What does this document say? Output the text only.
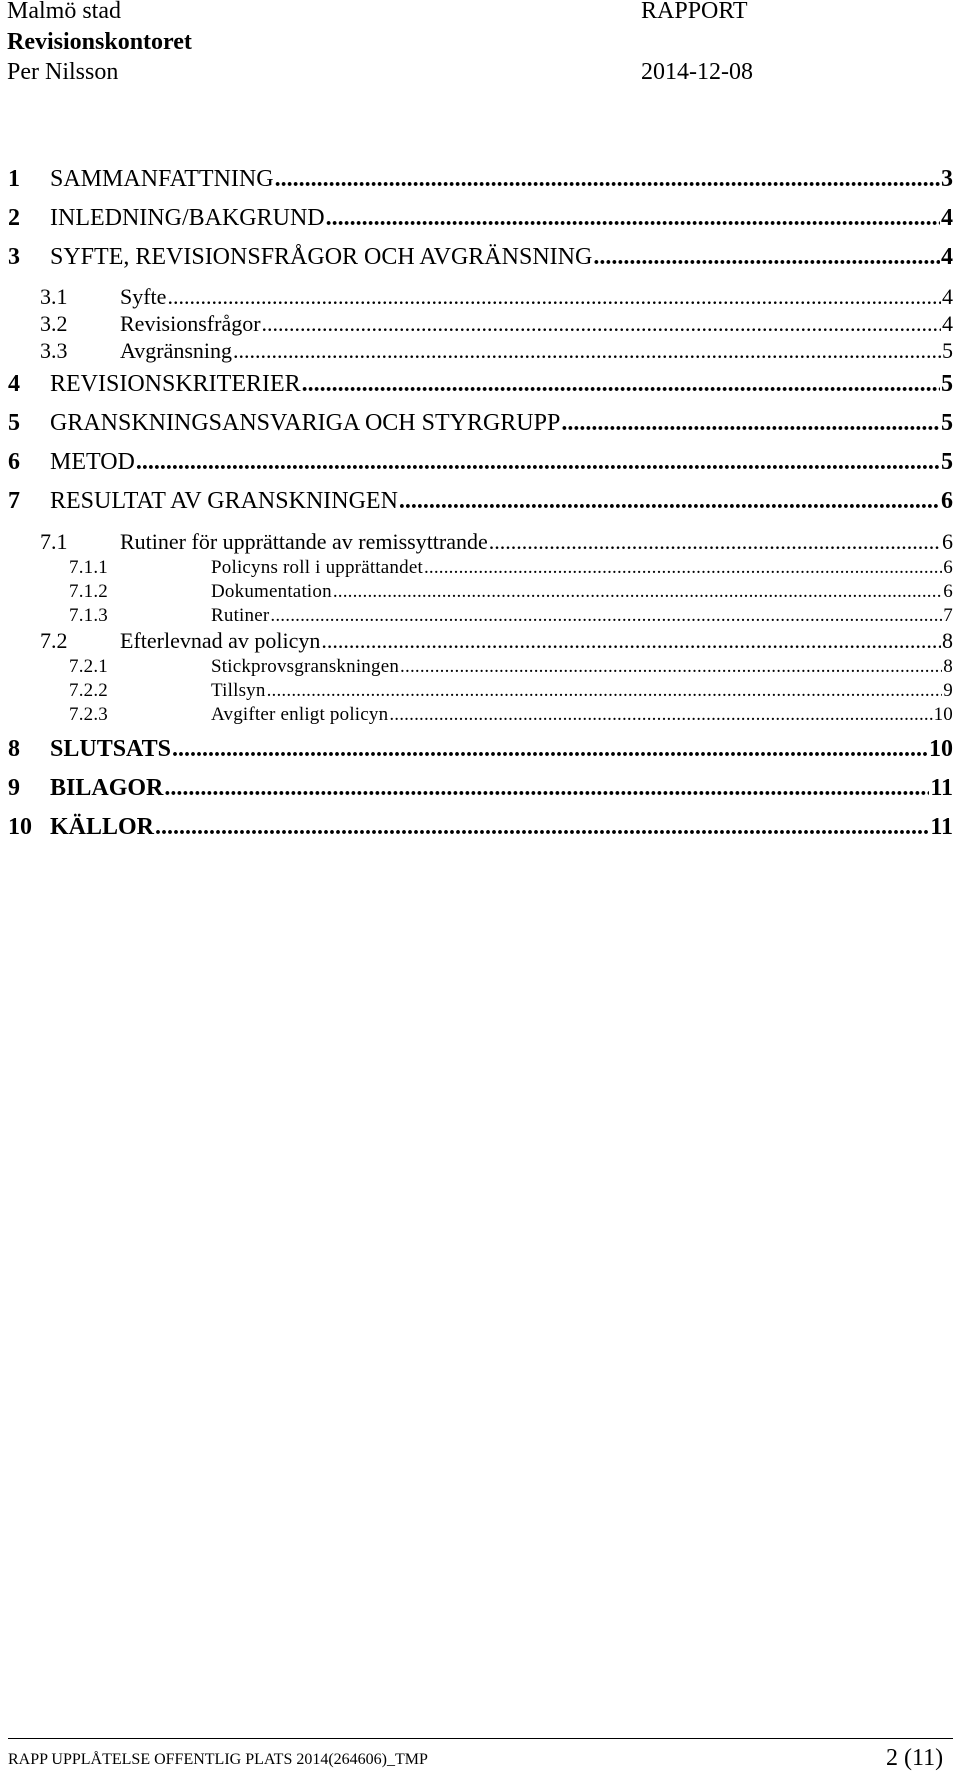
Malmö stad
Revisionskontoret
Per Nilsson
RAPPORT
2014-12-08
1 SAMMANFATTNING .....	3
2 INLEDNING/BAKGRUND .....	4
3 SYFTE, REVISIONSFRÅGOR OCH AVGRÄNSNING .....	4
3.1 Syfte .....	4
3.2 Revisionsfrågor .....	4
3.3 Avgränsning .....	5
4 REVISIONSKRITERIER .....	5
5 GRANSKNINGSANSVARIGA OCH STYRGRUPP .....	5
6 METOD .....	5
7 RESULTAT AV GRANSKNINGEN .....	6
7.1 Rutiner för upprättande av remissyttrande .....	6
7.1.1	Policyns roll i upprättandet .....	6
7.1.2	Dokumentation .....	6
7.1.3	Rutiner .....	7
7.2 Efterlevnad av policyn .....	8
7.2.1	Stickprovsgranskningen .....	8
7.2.2	Tillsyn .....	9
7.2.3	Avgifter enligt policyn .....	10
8 SLUTSATS .....	10
9 BILAGOR .....	11
10 KÄLLOR .....	11
RAPP UPPLÅTELSE OFFENTLIG PLATS 2014(264606)_TMP	2 (11)
